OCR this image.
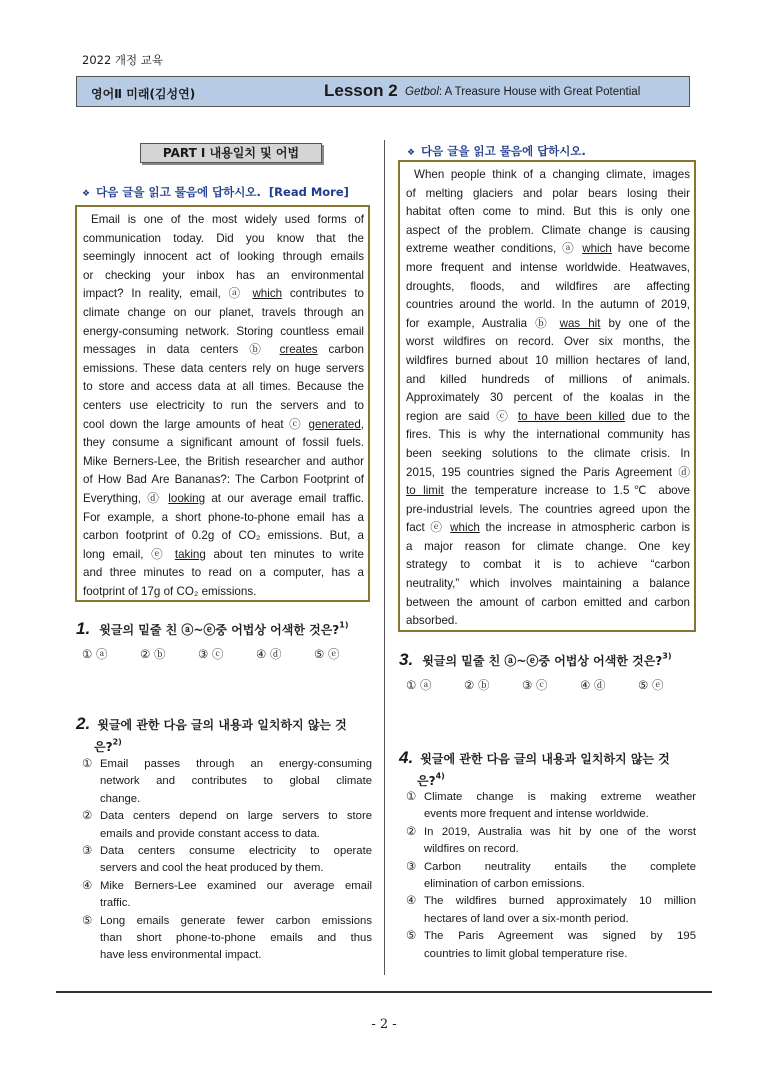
2022 개정 교육
영어Ⅱ 미래(김성연)	Lesson 2 Getbol: A Treasure House with Great Potential
PART Ⅰ 내용일치 및 어법
❖ 다음 글을 읽고 물음에 답하시오. [Read More]
Email is one of the most widely used forms of
communication today. Did you know that the
seemingly innocent act of looking through emails
or checking your inbox has an environmental
impact? In reality, email, ⓐ which contributes to
climate change on our planet, travels through an
energy-consuming network. Storing countless email
messages in data centers ⓑ creates carbon
emissions. These data centers rely on huge servers
to store and access data at all times. Because the
centers use electricity to run the servers and to
cool down the large amounts of heat ⓒ generated,
they consume a significant amount of fossil fuels.
Mike Berners-Lee, the British researcher and author
of How Bad Are Bananas?: The Carbon Footprint of
Everything, ⓓ looking at our average email traffic.
For example, a short phone-to-phone email has a
carbon footprint of 0.2g of CO₂ emissions. But, a
long email, ⓔ taking about ten minutes to write
and three minutes to read on a computer, has a
footprint of 17g of CO₂ emissions.
1. 윗글의 밑줄 친 ⓐ~ⓔ중 어법상 어색한 것은?$^{1)}$
① ⓐ	② ⓑ	③ ⓒ	④ ⓓ	⑤ ⓔ
2. 윗글에 관한 다음 글의 내용과 일치하지 않는 것
은?$^{2)}$
① Email passes through an energy-consuming
network and contributes to global climate
change.
② Data centers depend on large servers to store
emails and provide constant access to data.
③ Data centers consume electricity to operate
servers and cool the heat produced by them.
④ Mike Berners-Lee examined our average email
traffic.
⑤ Long emails generate fewer carbon emissions
than short phone-to-phone emails and thus
have less environmental impact.
❖ 다음 글을 읽고 물음에 답하시오.
When people think of a changing climate, images
of melting glaciers and polar bears losing their
habitat often come to mind. But this is only one
aspect of the problem. Climate change is causing
extreme weather conditions, ⓐ which have become
more frequent and intense worldwide. Heatwaves,
droughts, floods, and wildfires are affecting
countries around the world. In the autumn of 2019,
for example, Australia ⓑ was hit by one of the
worst wildfires on record. Over six months, the
wildfires burned about 10 million hectares of land,
and killed hundreds of millions of animals.
Approximately 30 percent of the koalas in the
region are said ⓒ to have been killed due to the
fires. This is why the international community has
been seeking solutions to the climate crisis. In
2015, 195 countries signed the Paris Agreement ⓓ
to limit the temperature increase to 1.5℃ above
pre-industrial levels. The countries agreed upon the
fact ⓔ which the increase in atmospheric carbon is
a major reason for climate change. One key
strategy to combat it is to achieve “carbon
neutrality,” which involves maintaining a balance
between the amount of carbon emitted and carbon
absorbed.
3. 윗글의 밑줄 친 ⓐ~ⓔ중 어법상 어색한 것은?$^{3)}$
① ⓐ	② ⓑ	③ ⓒ	④ ⓓ	⑤ ⓔ
4. 윗글에 관한 다음 글의 내용과 일치하지 않는 것
은?$^{4)}$
① Climate change is making extreme weather
events more frequent and intense worldwide.
② In 2019, Australia was hit by one of the worst
wildfires on record.
③ Carbon neutrality entails the complete
elimination of carbon emissions.
④ The wildfires burned approximately 10 million
hectares of land over a six-month period.
⑤ The Paris Agreement was signed by 195
countries to limit global temperature rise.
- 2 -
